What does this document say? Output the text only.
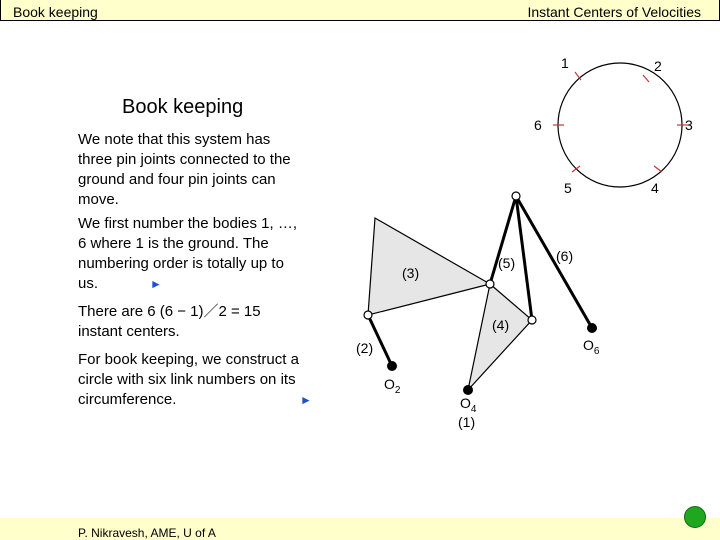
Book keeping	Instant Centers of Velocities
Book keeping
We note that this system has three pin joints connected to the ground and four pin joints can move.
We first number the bodies 1, …, 6 where 1 is the ground. The numbering order is totally up to us.	►
There are 6 (6 − 1)／2 = 15 instant centers.
For book keeping, we construct a circle with six link numbers on its circumference.	►
1	2
3
4
5
6
(3)
(5)	(6)
(4)
(2)
(1)
$O_2$
$O_4$
$O_6$
P. Nikravesh, AME, U of A
